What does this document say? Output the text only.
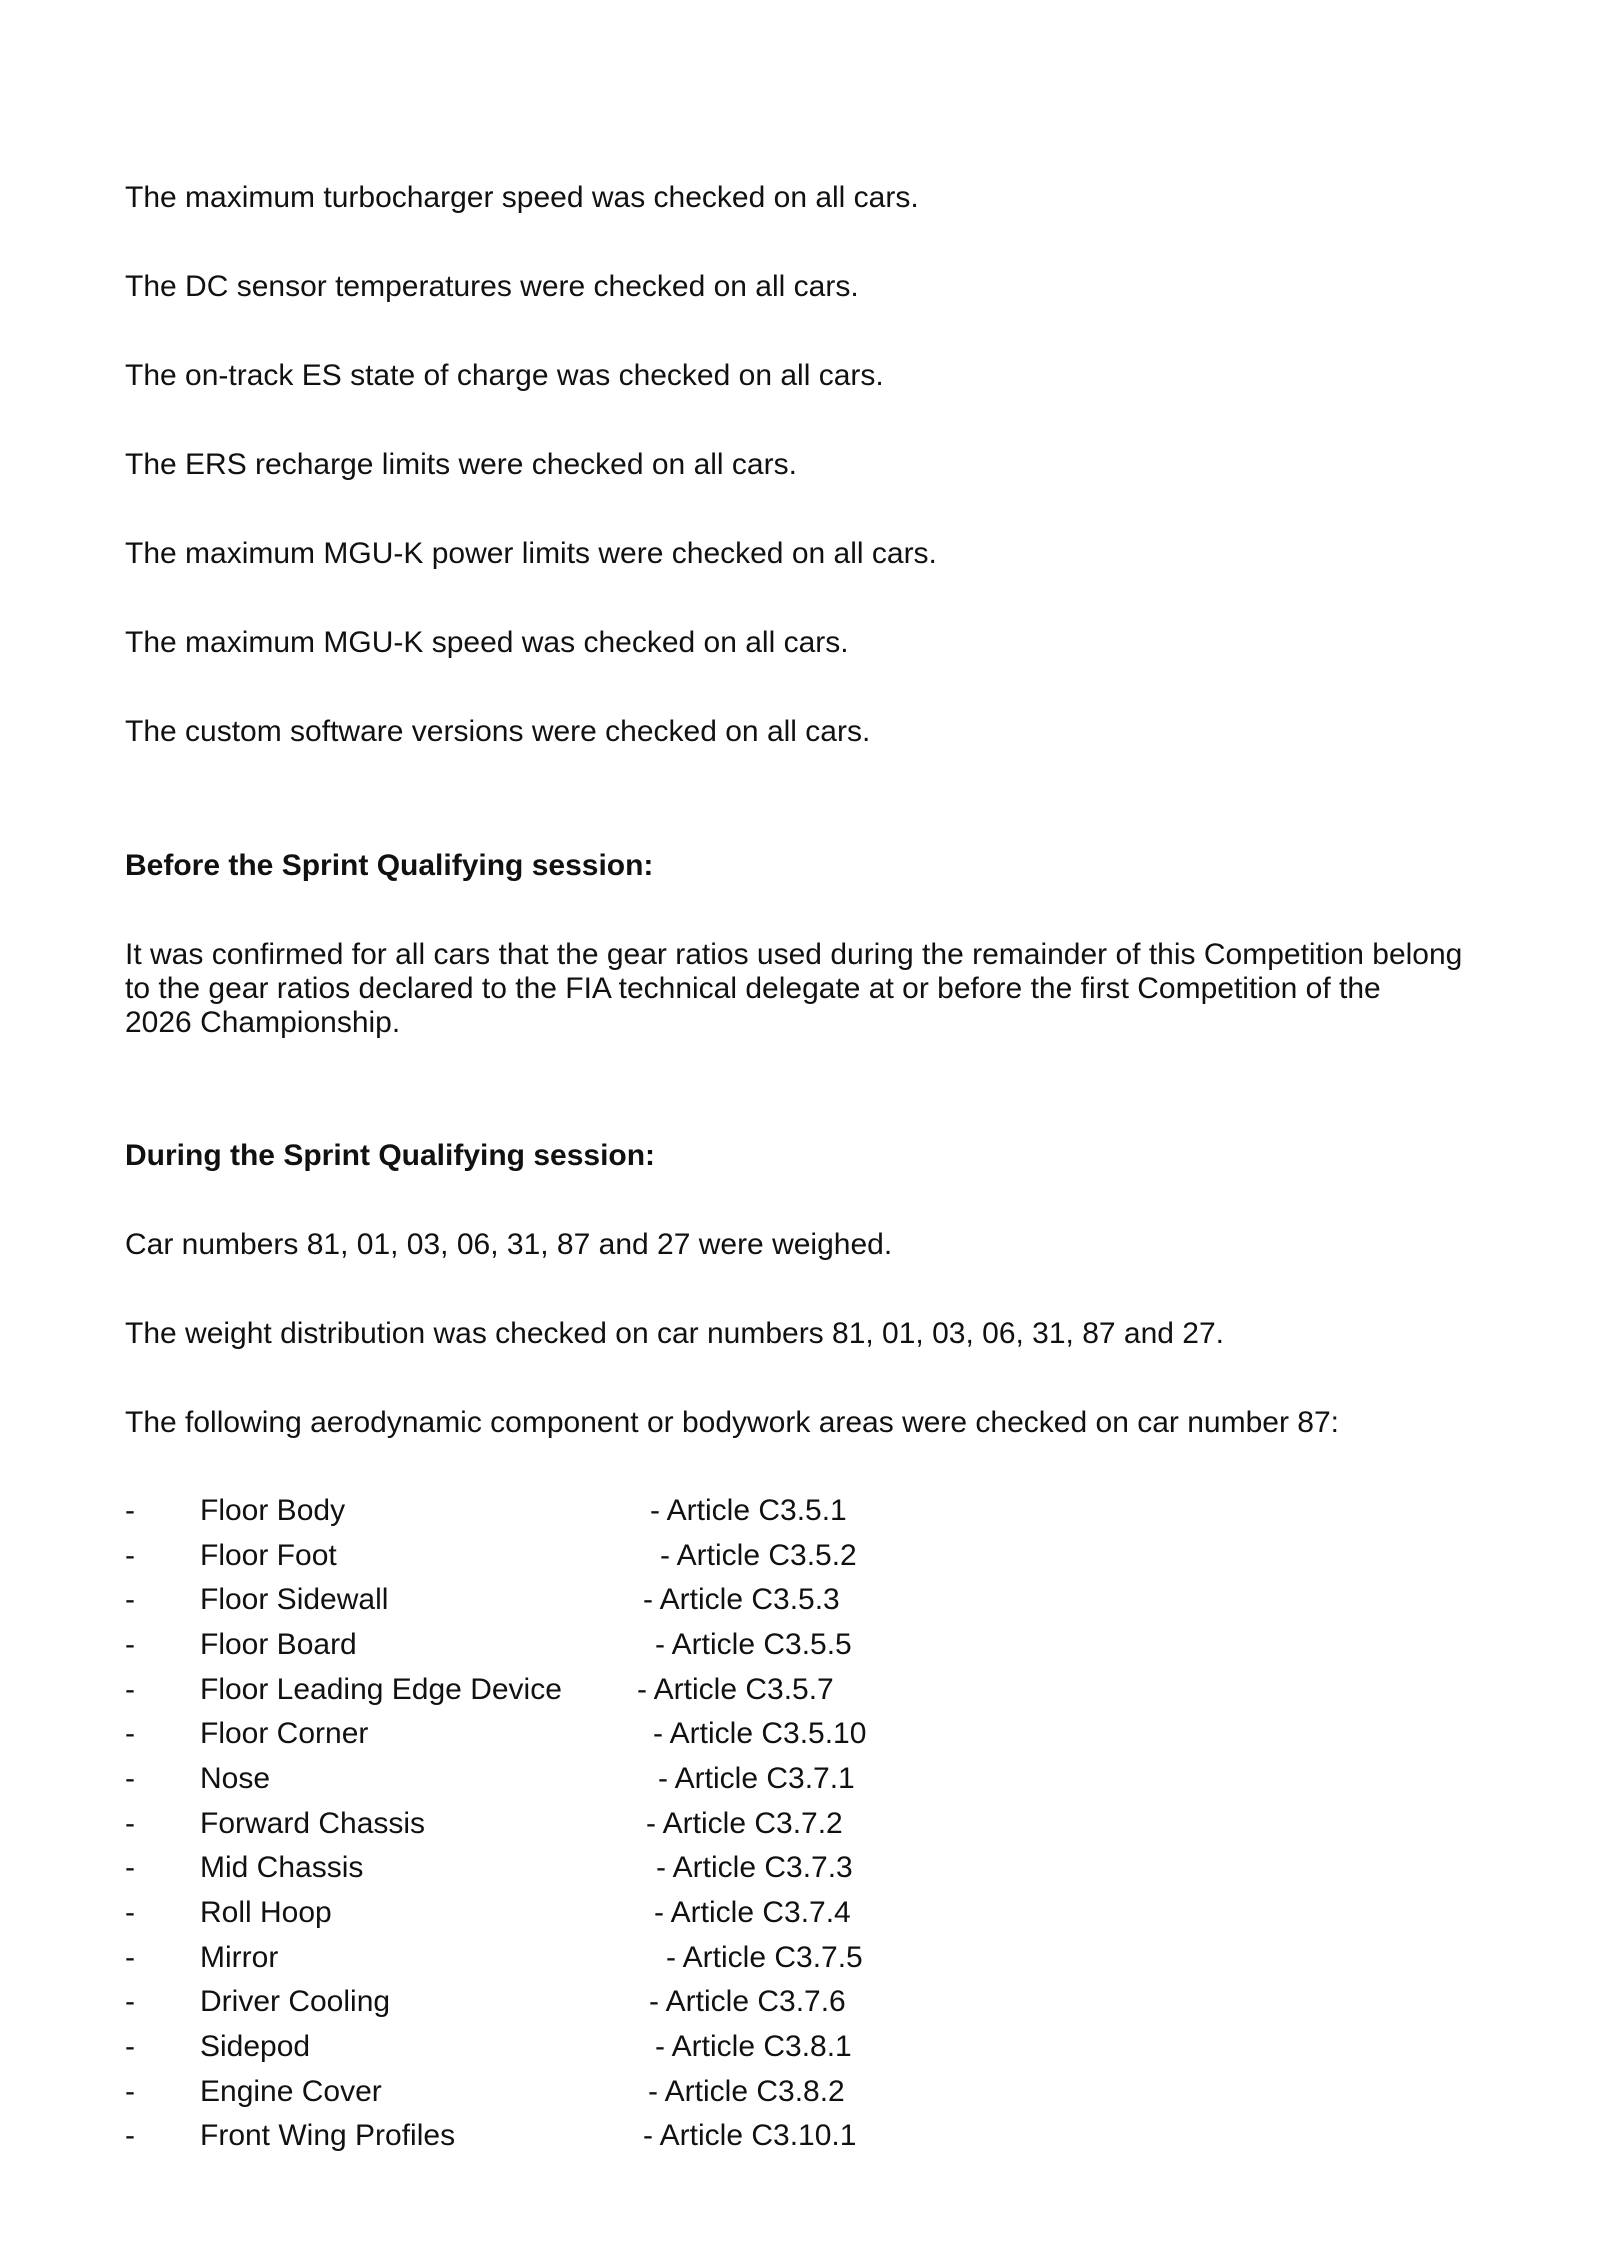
The maximum turbocharger speed was checked on all cars.

The DC sensor temperatures were checked on all cars.

The on-track ES state of charge was checked on all cars.

The ERS recharge limits were checked on all cars.

The maximum MGU-K power limits were checked on all cars.

The maximum MGU-K speed was checked on all cars.

The custom software versions were checked on all cars.

Before the Sprint Qualifying session:

It was confirmed for all cars that the gear ratios used during the remainder of this Competition belong
to the gear ratios declared to the FIA technical delegate at or before the first Competition of the
2026 Championship.

During the Sprint Qualifying session:

Car numbers 81, 01, 03, 06, 31, 87 and 27 were weighed.

The weight distribution was checked on car numbers 81, 01, 03, 06, 31, 87 and 27.

The following aerodynamic component or bodywork areas were checked on car number 87:

- Floor Body	- Article C3.5.1
- Floor Foot	- Article C3.5.2
- Floor Sidewall	- Article C3.5.3
- Floor Board	- Article C3.5.5
- Floor Leading Edge Device	- Article C3.5.7
- Floor Corner	- Article C3.5.10
- Nose	- Article C3.7.1
- Forward Chassis	- Article C3.7.2
- Mid Chassis	- Article C3.7.3
- Roll Hoop	- Article C3.7.4
- Mirror	- Article C3.7.5
- Driver Cooling	- Article C3.7.6
- Sidepod	- Article C3.8.1
- Engine Cover	- Article C3.8.2
- Front Wing Profiles	- Article C3.10.1
